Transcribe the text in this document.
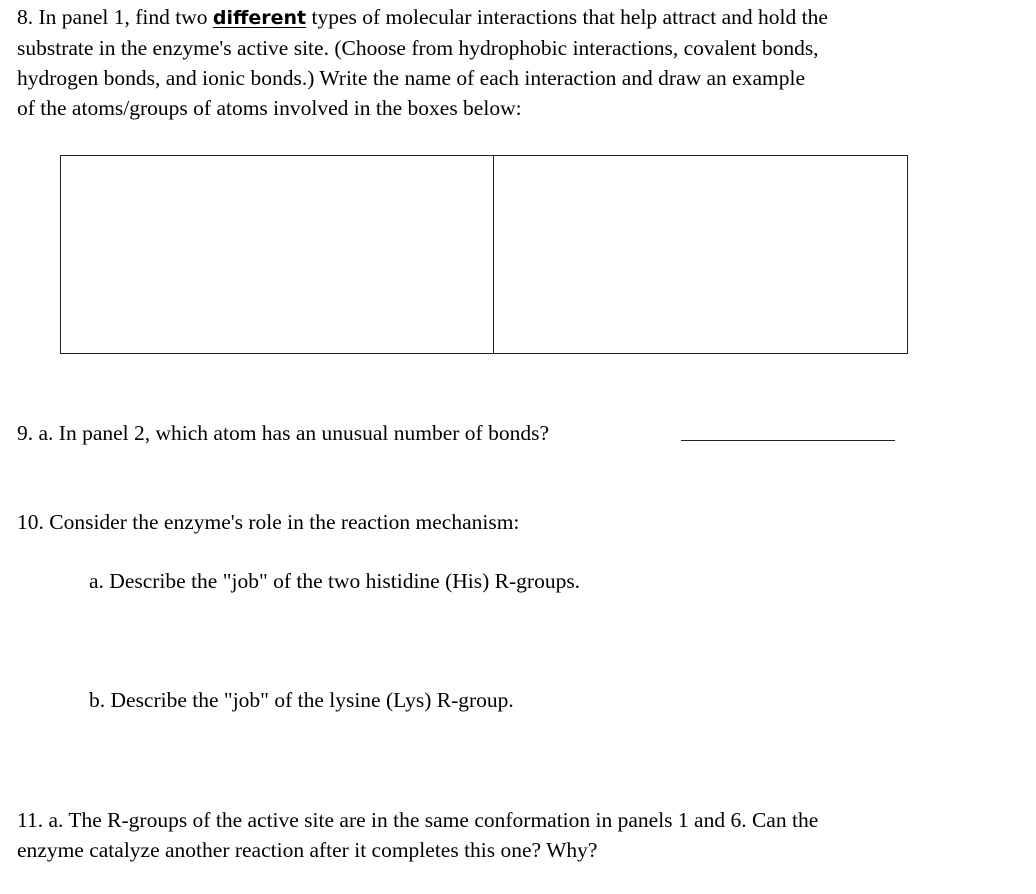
8. In panel 1, find two different types of molecular interactions that help attract and hold the
substrate in the enzyme's active site. (Choose from hydrophobic interactions, covalent bonds,
hydrogen bonds, and ionic bonds.) Write the name of each interaction and draw an example
of the atoms/groups of atoms involved in the boxes below:
9. a. In panel 2, which atom has an unusual number of bonds?
10. Consider the enzyme's role in the reaction mechanism:
a. Describe the "job" of the two histidine (His) R-groups.
b. Describe the "job" of the lysine (Lys) R-group.
11. a. The R-groups of the active site are in the same conformation in panels 1 and 6. Can the
enzyme catalyze another reaction after it completes this one? Why?
